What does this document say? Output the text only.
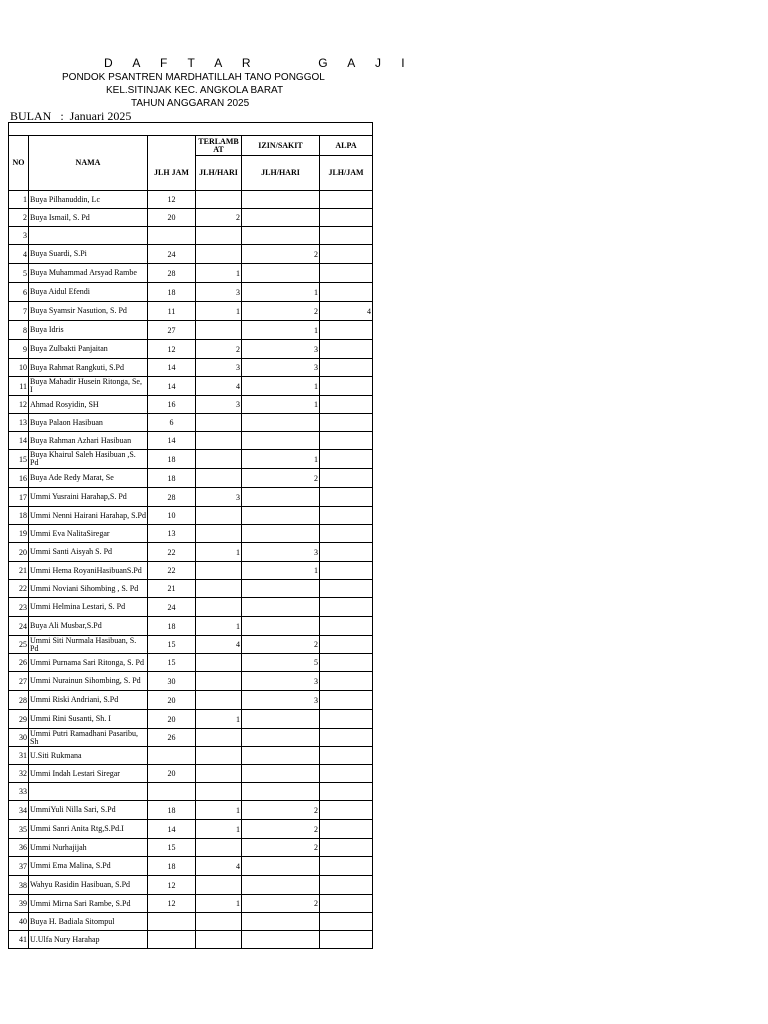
D A F T A R     G A J I
PONDOK PSANTREN MARDHATILLAH TANO PONGGOL
KEL.SITINJAK KEC. ANGKOLA BARAT
TAHUN ANGGARAN 2025
BULAN   :  Januari 2025

NO	NAMA		TERLAMB AT	IZIN/SAKIT	ALPA
		JLH JAM	JLH/HARI	JLH/HARI	JLH/JAM
1	Buya Pilhanuddin, Lc	12			
2	Buya Ismail, S. Pd	20	2		
3					
4	Buya Suardi, S.Pi	24		2	
5	Buya Muhammad Arsyad Rambe	28	1		
6	Buya Aidul Efendi	18	3	1	
7	Buya Syamsir Nasution, S. Pd	11	1	2	4
8	Buya Idris	27		1	
9	Buya Zulbakti Panjaitan	12	2	3	
10	Buya Rahmat Rangkuti, S.Pd	14	3	3	
11	Buya Mahadir Husein Ritonga, Se, I	14	4	1	
12	Ahmad Rosyidin, SH	16	3	1	
13	Buya Palaon Hasibuan	6			
14	Buya Rahman Azhari Hasibuan	14			
15	Buya Khairul Saleh Hasibuan ,S. Pd	18		1	
16	Buya Ade Redy Marat, Se	18		2	
17	Ummi Yusraini Harahap,S. Pd	28	3		
18	Ummi Nenni Hairani Harahap, S.Pd	10			
19	Ummi Eva NalitaSiregar	13			
20	Ummi Santi Aisyah S. Pd	22	1	3	
21	Ummi Hema RoyaniHasibuanS.Pd	22		1	
22	Ummi Noviani Sihombing , S. Pd	21			
23	Ummi Helmina Lestari, S. Pd	24			
24	Buya Ali Musbar,S.Pd	18	1		
25	Ummi Siti Nurmala Hasibuan, S. Pd	15	4	2	
26	Ummi Purnama Sari Ritonga, S. Pd	15		5	
27	Ummi Nurainun Sihombing, S. Pd	30		3	
28	Ummi Riski Andriani, S.Pd	20		3	
29	Ummi Rini Susanti, Sh. I	20	1		
30	Ummi Putri Ramadhani Pasaribu, Sh	26			
31	U.Siti Rukmana				
32	Ummi Indah Lestari Siregar	20			
33					
34	UmmiYuli Nilla Sari, S.Pd	18	1	2	
35	Ummi Sanri Anita Rtg,S.Pd.I	14	1	2	
36	Ummi Nurhajijah	15		2	
37	Ummi Ema Malina, S.Pd	18	4		
38	Wahyu Rasidin Hasibuan, S.Pd	12			
39	Ummi Mirna Sari Rambe, S.Pd	12	1	2	
40	Buya H. Badiala Sitompul				
41	U.Ulfa Nury Harahap				
